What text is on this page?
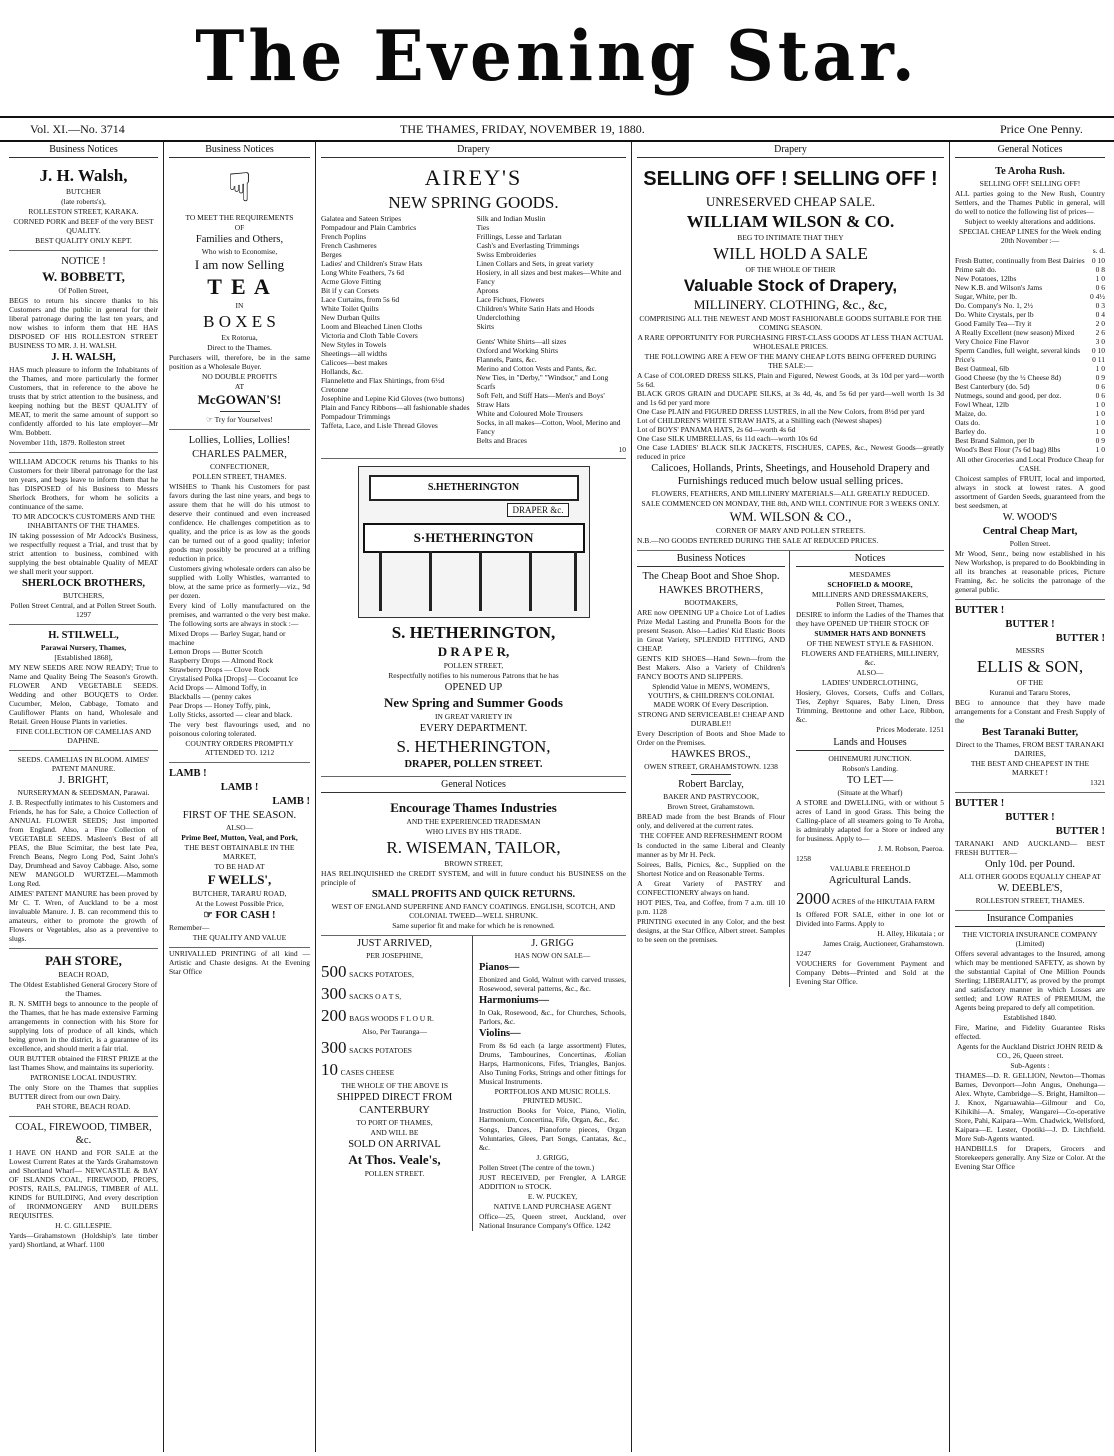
The Evening Star.
Vol. XI.—No. 3714	THE THAMES, FRIDAY, NOVEMBER 19, 1880.	Price One Penny.
Business Notices

J. H. Walsh,

BUTCHER

(late roberts's),

ROLLESTON STREET, KARAKA.

CORNED PORK and BEEF of the very BEST QUALITY.

BEST QUALITY ONLY KEPT.

NOTICE !

W. BOBBETT,

Of Pollen Street,

BEGS to return his sincere thanks to his Customers and the public in general for their liberal patronage during the last ten years, and now wishes to inform them that HE HAS DISPOSED OF HIS ROLLESTON STREET BUSINESS TO MR. J. H. WALSH.

J. H. WALSH,

HAS much pleasure to inform the Inhabitants of the Thames, and more particularly the former Customers, that in reference to the above he trusts that by strict attention to the business, and keeping nothing but the BEST QUALITY of MEAT, to merit the same amount of support so confidently afforded to his late employer—Mr Wm. Bobbett.

November 11th, 1879. Rolleston street

WILLIAM ADCOCK returns his Thanks to his Customers for their liberal patronage for the last ten years, and begs leave to inform them that he has DISPOSED of his Business to Messrs Sherlock Brothers, for whom he solicits a continuance of the same.

TO MR ADCOCK'S CUSTOMERS AND THE INHABITANTS OF THE THAMES.

IN taking possession of Mr Adcock's Business, we respectfully request a Trial, and trust that by strict attention to business, combined with supplying the best obtainable Quality of MEAT we shall merit your support.

SHERLOCK BROTHERS,

BUTCHERS,

Pollen Street Central, and at Pollen Street South. 1297

H. STILWELL,

Parawai Nursery, Thames,

[Established 1868],

MY NEW SEEDS ARE NOW READY; True to Name and Quality Being The Season's Growth. FLOWER AND VEGETABLE SEEDS. Wedding and other BOUQETS to Order. Cucumber, Melon, Cabbage, Tomato and Cauliflower Plants on hand, Wholesale and Retail. Green House Plants in varieties.

FINE COLLECTION OF CAMELIAS AND DAPHNE.

SEEDS. CAMELIAS IN BLOOM. AIMES' PATENT MANURE.

J. BRIGHT,

NURSERYMAN & SEEDSMAN, Parawai.

J. B. Respectfully intimates to his Customers and Friends, he has for Sale, a Choice Collection of ANNUAL FLOWER SEEDS; Just imported from England. Also, a Fine Collection of VEGETABLE SEEDS. Masleen's Best of all PEAS, the Blue Scimitar, the best late Pea, French Beans, Negro Long Pod, Saint John's Day, Drumhead and Savoy Cabbage. Also, some NEW MANGOLD WURTZEL—Mammoth Long Red.

AIMES' PATENT MANURE has been proved by Mr C. T. Wren, of Auckland to be a most invaluable Manure. J. B. can recommend this to amateurs, either to promote the growth of Flowers or Vegetables, also as a preventive to slugs.

PAH STORE,

BEACH ROAD,

The Oldest Established General Grocery Store of the Thames.

R. N. SMITH begs to announce to the people of the Thames, that he has made extensive Farming arrangements in connection with his Store for supplying lots of produce of all kinds, which being grown in the district, is a guarantee of its excellence, and should merit a fair trial.

OUR BUTTER obtained the FIRST PRIZE at the last Thames Show, and maintains its superiority.

PATRONISE LOCAL INDUSTRY.

The only Store on the Thames that supplies BUTTER direct from our own Dairy.

PAH STORE, BEACH ROAD.

COAL, FIREWOOD, TIMBER, &c.

I HAVE ON HAND and FOR SALE at the Lowest Current Rates at the Yards Grahamstown and Shortland Wharf— NEWCASTLE & BAY OF ISLANDS COAL, FIREWOOD, PROPS, POSTS, RAILS, PALINGS, TIMBER of ALL KINDS for BUILDING, And every description of IRONMONGERY AND BUILDERS REQUISITES.

H. C. GILLESPIE.

Yards—Grahamstown (Holdship's late timber yard) Shortland, at Wharf. 1100

Business Notices
☟

TO MEET THE REQUIREMENTS

OF

Families and Others,

Who wish to Economise,

I am now Selling

T E A

IN

B O X E S

Ex Rotorua,

Direct to the Thames.

Purchasers will, therefore, be in the same position as a Wholesale Buyer.

NO DOUBLE PROFITS

AT

McGOWAN'S!

☞ Try for Yourselves!

Lollies, Lollies, Lollies!

CHARLES PALMER,

CONFECTIONER,

POLLEN STREET, THAMES.

WISHES to Thank his Customers for past favors during the last nine years, and begs to assure them that he will do his utmost to deserve their continued and even increased confidence. He challenges competition as to quality, and the price is as low as the goods can be turned out of a good quality; inferior goods may possibly be procured at a trifling reduction in price.

Customers giving wholesale orders can also be supplied with Lolly Whistles, warranted to blow, at the same price as formerly—viz., 9d per dozen.

Every kind of Lolly manufactured on the premises, and warranted o the very best make. The following sorts are always in stock :—

Mixed Drops — Barley Sugar, hand or machine
Lemon Drops — Butter Scotch
Raspberry Drops — Almond Rock
Strawberry Drops — Clove Rock
Crystalised Polka [Drops] — Cocoanut Ice
Acid Drops — Almond Toffy, in
Blackballs — (penny cakes
Pear Drops — Honey Toffy, pink,
Lolly Sticks, assorted — clear and black.

The very best flavourings used, and no poisonous coloring tolerated.

COUNTRY ORDERS PROMPTLY ATTENDED TO. 1212

LAMB !

LAMB !

LAMB !

FIRST OF THE SEASON.

ALSO—

Prime Beef, Mutton, Veal, and Pork,

THE BEST OBTAINABLE IN THE MARKET,

TO BE HAD AT

F WELLS',

BUTCHER, TARARU ROAD,

At the Lowest Possible Price,

☞ FOR CASH !

Remember—

THE QUALITY AND VALUE

UNRIVALLED PRINTING of all kind —Artistic and Chaste designs. At the Evening Star Office

Drapery

AIREY'S

NEW SPRING GOODS.

Galatea and Sateen Stripes
Pompadour and Plain Cambrics
French Poplins
French Cashmeres
Berges
Ladies' and Children's Straw Hats
Long White Feathers, 7s 6d
Acme Glove Fitting
Bit if y can Corsets
Lace Curtains, from 5s 6d
White Toilet Quilts
New Durban Quilts
Loom and Bleached Linen Cloths
Victoria and Cloth Table Covers
New Styles in Towels
Sheetings—all widths
Calicoes—best makes
Hollands, &c.
Flannelette and Flax Shirtings, from 6½d
Cretonne
Josephine and Lepine Kid Gloves (two buttons)
Plain and Fancy Ribbons—all fashionable shades
Pompadour Trimmings
Taffeta, Lace, and Lisle Thread Gloves
Silk and Indian Muslin
Ties
Frillings, Lesse and Tarlatan
Cash's and Everlasting Trimmings
Swiss Embroideries
Linen Collars and Sets, in great variety
Hosiery, in all sizes and best makes—White and Fancy
Aprons
Lace Fichues, Flowers
Children's White Satin Hats and Hoods
Underclothing
Skirts
Gents' White Shirts—all sizes
Oxford and Working Shirts
Flannels, Pants, &c.
Merino and Cotton Vests and Pants, &c.
New Ties, in "Derby," "Windsor," and Long Scarfs
Soft Felt, and Stiff Hats—Men's and Boys'
Straw Hats
White and Coloured Mole Trousers
Socks, in all makes—Cotton, Wool, Merino and Fancy
Belts and Braces
10
S.HETHERINGTON
DRAPER &c.
S·HETHERINGTON

S. HETHERINGTON,

D R A P E R,

POLLEN STREET,

Respectfully notifies to his numerous Patrons that he has

OPENED UP

New Spring and Summer Goods

IN GREAT VARIETY IN

EVERY DEPARTMENT.

S. HETHERINGTON,

DRAPER, POLLEN STREET.

General Notices

Encourage Thames Industries

AND THE EXPERIENCED TRADESMAN

WHO LIVES BY HIS TRADE.

R. WISEMAN, TAILOR,

BROWN STREET,

HAS RELINQUISHED the CREDIT SYSTEM, and will in future conduct his BUSINESS on the principle of

SMALL PROFITS AND QUICK RETURNS.

WEST OF ENGLAND SUPERFINE AND FANCY COATINGS. ENGLISH, SCOTCH, AND COLONIAL TWEED—WELL SHRUNK.

Same superior fit and make for which he is renowned.

JUST ARRIVED,

PER JOSEPHINE,

500 SACKS POTATOES,

300 SACKS O A T S,

200 BAGS WOODS F L O U R.

Also, Per Tauranga—

300 SACKS POTATOES

10 CASES CHEESE

THE WHOLE OF THE ABOVE IS

SHIPPED DIRECT FROM CANTERBURY

TO PORT OF THAMES,

AND WILL BE

SOLD ON ARRIVAL

At Thos. Veale's,

POLLEN STREET.

J. GRIGG

HAS NOW ON SALE—

Pianos—

Ebonized and Gold, Walnut with carved trusses, Rosewood, several patterns, &c., &c.

Harmoniums—

In Oak, Rosewood, &c., for Churches, Schools, Parlors, &c.

Violins—

From 8s 6d each (a large assortment) Flutes, Drums, Tambourines, Concertinas, Æolian Harps, Harmonicons, Fifes, Triangles, Banjos. Also Tuning Forks, Strings and other fittings for Musical Instruments.

PORTFOLIOS AND MUSIC ROLLS. PRINTED MUSIC.

Instruction Books for Voice, Piano, Violin, Harmonium, Concertina, Fife, Organ, &c., &c.

Songs, Dances, Pianoforte pieces, Organ Voluntaries, Glees, Part Songs, Cantatas, &c., &c.

J. GRIGG,

Pollen Street (The centre of the town.)

JUST RECEIVED, per Frengler, A LARGE ADDITION to STOCK.

E. W. PUCKEY,

NATIVE LAND PURCHASE AGENT

Office—25, Queen street, Auckland, over National Insurance Company's Office. 1242

Drapery

SELLING OFF ! SELLING OFF !

UNRESERVED CHEAP SALE.

WILLIAM WILSON & CO.

BEG TO INTIMATE THAT THEY

WILL HOLD A SALE

OF THE WHOLE OF THEIR

Valuable Stock of Drapery,

MILLINERY. CLOTHING, &c., &c,

COMPRISING ALL THE NEWEST AND MOST FASHIONABLE GOODS SUITABLE FOR THE COMING SEASON.

A RARE OPPORTUNITY FOR PURCHASING FIRST-CLASS GOODS AT LESS THAN ACTUAL WHOLESALE PRICES.

THE FOLLOWING ARE A FEW OF THE MANY CHEAP LOTS BEING OFFERED DURING THE SALE:—

A Case of COLORED DRESS SILKS, Plain and Figured, Newest Goods, at 3s 10d per yard—worth 5s 6d.
BLACK GROS GRAIN and DUCAPE SILKS, at 3s 4d, 4s, and 5s 6d per yard—well worth 1s 3d and 1s 6d per yard more
One Case PLAIN and FIGURED DRESS LUSTRES, in all the New Colors, from 8½d per yard
Lot of CHILDREN'S WHITE STRAW HATS, at a Shilling each (Newest shapes)
Lot of BOYS' PANAMA HATS, 2s 6d—worth 4s 6d
One Case SILK UMBRELLAS, 6s 11d each—worth 10s 6d
One Case LADIES' BLACK SILK JACKETS, FISCHUES, CAPES, &c., Newest Goods—greatly reduced in price

Calicoes, Hollands, Prints, Sheetings, and Household Drapery and Furnishings reduced much below usual selling prices.

FLOWERS, FEATHERS, AND MILLINERY MATERIALS—ALL GREATLY REDUCED.

SALE COMMENCED ON MONDAY, THE 8th, AND WILL CONTINUE FOR 3 WEEKS ONLY.

WM. WILSON & CO.,

CORNER OF MARY AND POLLEN STREETS.

N.B.—NO GOODS ENTERED DURING THE SALE AT REDUCED PRICES.

Business Notices

The Cheap Boot and Shoe Shop.

HAWKES BROTHERS,

BOOTMAKERS,

ARE now OPENING UP a Choice Lot of Ladies Prize Medal Lasting and Prunella Boots for the present Season. Also—Ladies' Kid Elastic Boots in Great Variety, SPLENDID FITTING, AND CHEAP.

GENTS KID SHOES—Hand Sewn—from the Best Makers. Also a Variety of Children's FANCY BOOTS AND SLIPPERS.

Splendid Value in MEN'S, WOMEN'S, YOUTH'S, & CHILDREN'S COLONIAL MADE WORK Of Every Description.

STRONG AND SERVICEABLE! CHEAP AND DURABLE!!

Every Description of Boots and Shoe Made to Order on the Premises.

HAWKES BROS.,

OWEN STREET, GRAHAMSTOWN. 1238

Robert Barclay,

BAKER AND PASTRYCOOK,

Brown Street, Grahamstown.

BREAD made from the best Brands of Flour only, and delivered at the current rates.

THE COFFEE AND REFRESHMENT ROOM

Is conducted in the same Liberal and Cleanly manner as by Mr H. Peck.

Soirees, Balls, Picnics, &c., Supplied on the Shortest Notice and on Reasonable Terms.

A Great Variety of PASTRY and CONFECTIONERY always on hand.

HOT PIES, Tea, and Coffee, from 7 a.m. till 10 p.m. 1128

PRINTING executed in any Color, and the best designs, at the Star Office, Albert street. Samples to be seen on the premises.

Notices

MESDAMES

SCHOFIELD & MOORE,

MILLINERS AND DRESSMAKERS,

Pollen Street, Thames,

DESIRE to inform the Ladies of the Thames that they have OPENED UP THEIR STOCK OF

SUMMER HATS AND BONNETS

OF THE NEWEST STYLE & FASHION.

FLOWERS AND FEATHERS, MILLINERY, &c.

ALSO—

LADIES' UNDERCLOTHING,

Hosiery, Gloves, Corsets, Cuffs and Collars, Ties, Zephyr Squares, Baby Linen, Dress Trimming, Brettonne and other Lace, Ribbon, &c.

Prices Moderate. 1251

Lands and Houses

OHINEMURI JUNCTION.

Robson's Landing.

TO LET—

(Situate at the Wharf)

A STORE and DWELLING, with or without 5 acres of Land in good Grass. This being the Calling-place of all steamers going to Te Aroha, is admirably adapted for a Store or indeed any for business. Apply to—

J. M. Robson, Paeroa.

1258

VALUABLE FREEHOLD

Agricultural Lands.

2000 ACRES of the HIKUTAIA FARM

Is Offered FOR SALE, either in one lot or Divided into Farms. Apply to

H. Alley, Hikutaia ; or

James Craig, Auctioneer, Grahamstown.

1247

VOUCHERS for Government Payment and Company Debts—Printed and Sold at the Evening Star Office.

General Notices

Te Aroha Rush.

SELLING OFF! SELLING OFF!

ALL parties going to the New Rush, Country Settlers, and the Thames Public in general, will do well to notice the following list of prices—

Subject to weekly alterations and additions.

SPECIAL CHEAP LINES for the Week ending 20th November :—

s. d.

Fresh Butter, continually from Best Dairies 0 10
Prime salt do.	0 8
New Potatoes, 12lbs	1 0
New K.B. and Wilson's Jams	0 6
Sugar, White, per lb.	0 4½
Do. Company's No. 1, 2½	0 3
Do. White Crystals, per lb	0 4
Good Family Tea—Try it	2 0
A Really Excellent (new season) Mixed	2 6
Very Choice Fine Flavor	3 0
Sperm Candles, full weight, several kinds 0 10
Price's	0 11
Best Oatmeal, 6lb	1 0
Good Cheese (by the ½ Cheese 8d)	0 9
Best Canterbury (do. 5d)	0 6
Nutmegs, sound and good, per doz.	0 6
Fowl Wheat, 12lb	1 0
Maize, do.	1 0
Oats do.	1 0
Barley do.	1 0
Best Brand Salmon, per lb	0 9
Wood's Best Flour (7s 6d bag) 8lbs	1 0

All other Groceries and Local Produce Cheap for CASH.

Choicest samples of FRUIT, local and imported, always in stock at lowest rates. A good assortment of Garden Seeds, guaranteed from the best seedsmen, at

W. WOOD'S

Central Cheap Mart,

Pollen Street.

Mr Wood, Senr., being now established in his New Workshop, is prepared to do Bookbinding in all its branches at reasonable prices, Picture Framing, &c. he solicits the patronage of the general public.

BUTTER !

BUTTER !

BUTTER !

MESSRS

ELLIS & SON,

OF THE

Kuranui and Tararu Stores,

BEG to announce that they have made arrangements for a Constant and Fresh Supply of the

Best Taranaki Butter,

Direct to the Thames, FROM BEST TARANAKI DAIRIES,

THE BEST AND CHEAPEST IN THE MARKET !

1321

BUTTER !

BUTTER !

BUTTER !

TARANAKI AND AUCKLAND— BEST FRESH BUTTER—

Only 10d. per Pound.

ALL OTHER GOODS EQUALLY CHEAP AT

W. DEEBLE'S,

ROLLESTON STREET, THAMES.

Insurance Companies

THE VICTORIA INSURANCE COMPANY (Limited)

Offers several advantages to the Insured, among which may be mentioned SAFETY, as shown by the substantial Capital of One Million Pounds Sterling; LIBERALITY, as proved by the prompt and satisfactory manner in which Losses are settled; and LOW RATES of PREMIUM, the Agents being prepared to defy all competition.

Established 1840.

Fire, Marine, and Fidelity Guarantee Risks effected.

Agents for the Auckland District JOHN REID & CO., 26, Queen street.

Sub-Agents :

THAMES—D. R. GELLION, Newton—Thomas Barnes, Devonport—John Angus, Onehunga—Alex. Whyte, Cambridge—S. Bright, Hamilton—J. Knox, Ngaruawahia—Gilmour and Co, Kihikihi—A. Smaley, Wangarei—Co-operative Store, Pahi, Kaipara—Wm. Chadwick, Wellsford, Kaipara—E. Lester, Opotiki—J. D. Litchfield. More Sub-Agents wanted.

HANDBILLS for Drapers, Grocers and Storekeepers generally. Any Size or Color. At the Evening Star Office
